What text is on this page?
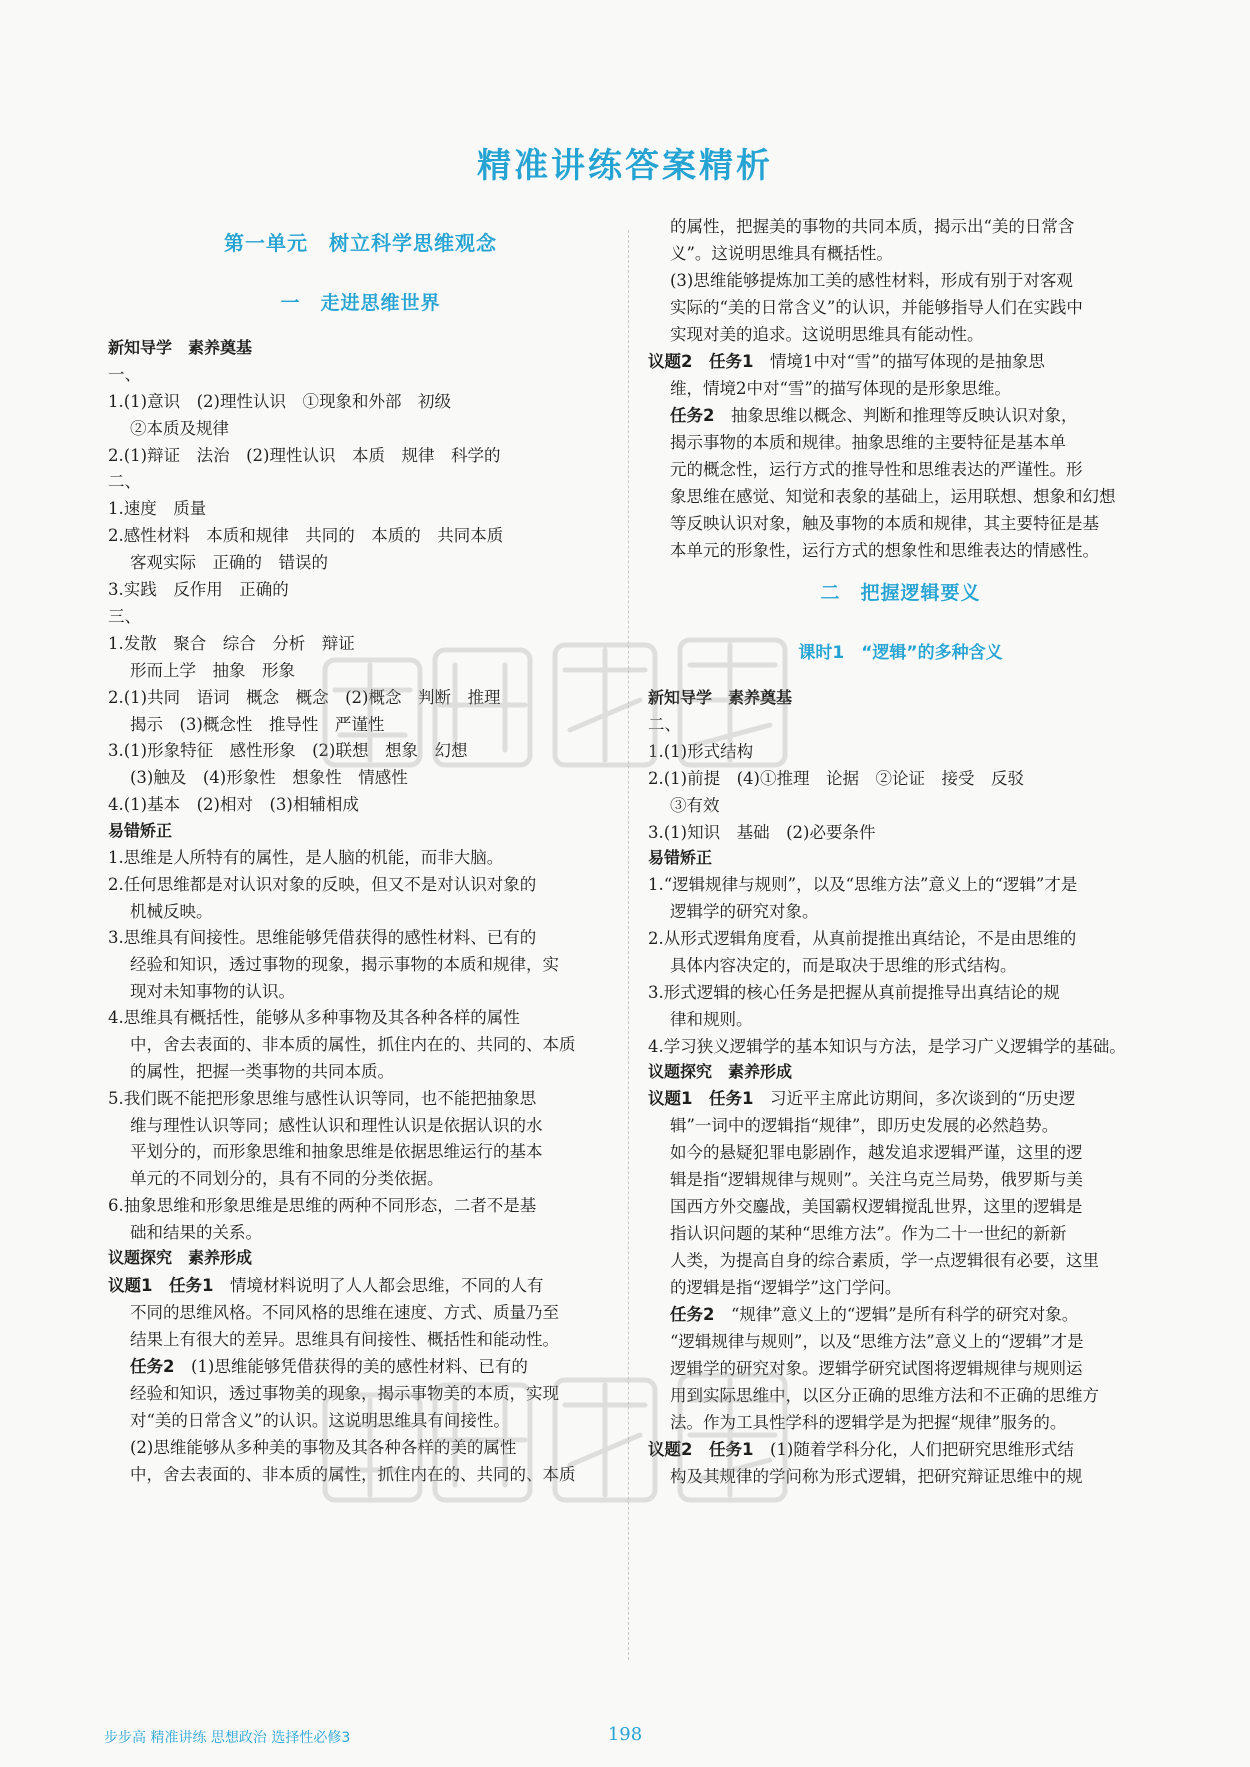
精准讲练答案精析
第一单元　树立科学思维观念
一　走进思维世界
新知导学　素养奠基
一、
1.(1)意识　(2)理性认识　①现象和外部　初级
②本质及规律
2.(1)辩证　法治　(2)理性认识　本质　规律　科学的
二、
1.速度　质量
2.感性材料　本质和规律　共同的　本质的　共同本质
客观实际　正确的　错误的
3.实践　反作用　正确的
三、
1.发散　聚合　综合　分析　辩证
形而上学　抽象　形象
2.(1)共同　语词　概念　概念　(2)概念　判断　推理
揭示　(3)概念性　推导性　严谨性
3.(1)形象特征　感性形象　(2)联想　想象　幻想
(3)触及　(4)形象性　想象性　情感性
4.(1)基本　(2)相对　(3)相辅相成
易错矫正
1.思维是人所特有的属性，是人脑的机能，而非大脑。
2.任何思维都是对认识对象的反映，但又不是对认识对象的
机械反映。
3.思维具有间接性。思维能够凭借获得的感性材料、已有的
经验和知识，透过事物的现象，揭示事物的本质和规律，实
现对未知事物的认识。
4.思维具有概括性，能够从多种事物及其各种各样的属性
中，舍去表面的、非本质的属性，抓住内在的、共同的、本质
的属性，把握一类事物的共同本质。
5.我们既不能把形象思维与感性认识等同，也不能把抽象思
维与理性认识等同；感性认识和理性认识是依据认识的水
平划分的，而形象思维和抽象思维是依据思维运行的基本
单元的不同划分的，具有不同的分类依据。
6.抽象思维和形象思维是思维的两种不同形态，二者不是基
础和结果的关系。
议题探究　素养形成
议题1　任务1　情境材料说明了人人都会思维，不同的人有
不同的思维风格。不同风格的思维在速度、方式、质量乃至
结果上有很大的差异。思维具有间接性、概括性和能动性。
任务2　(1)思维能够凭借获得的美的感性材料、已有的
经验和知识，透过事物美的现象，揭示事物美的本质，实现
对“美的日常含义”的认识。这说明思维具有间接性。
(2)思维能够从多种美的事物及其各种各样的美的属性
中，舍去表面的、非本质的属性，抓住内在的、共同的、本质
的属性，把握美的事物的共同本质，揭示出“美的日常含
义”。这说明思维具有概括性。
(3)思维能够提炼加工美的感性材料，形成有别于对客观
实际的“美的日常含义”的认识，并能够指导人们在实践中
实现对美的追求。这说明思维具有能动性。
议题2　任务1　情境1中对“雪”的描写体现的是抽象思
维，情境2中对“雪”的描写体现的是形象思维。
任务2　抽象思维以概念、判断和推理等反映认识对象，
揭示事物的本质和规律。抽象思维的主要特征是基本单
元的概念性，运行方式的推导性和思维表达的严谨性。形
象思维在感觉、知觉和表象的基础上，运用联想、想象和幻想
等反映认识对象，触及事物的本质和规律，其主要特征是基
本单元的形象性，运行方式的想象性和思维表达的情感性。
二　把握逻辑要义
课时1　“逻辑”的多种含义
新知导学　素养奠基
二、
1.(1)形式结构
2.(1)前提　(4)①推理　论据　②论证　接受　反驳
③有效
3.(1)知识　基础　(2)必要条件
易错矫正
1.“逻辑规律与规则”，以及“思维方法”意义上的“逻辑”才是
逻辑学的研究对象。
2.从形式逻辑角度看，从真前提推出真结论，不是由思维的
具体内容决定的，而是取决于思维的形式结构。
3.形式逻辑的核心任务是把握从真前提推导出真结论的规
律和规则。
4.学习狭义逻辑学的基本知识与方法，是学习广义逻辑学的基础。
议题探究　素养形成
议题1　任务1　习近平主席此访期间，多次谈到的“历史逻
辑”一词中的逻辑指“规律”，即历史发展的必然趋势。
如今的悬疑犯罪电影剧作，越发追求逻辑严谨，这里的逻
辑是指“逻辑规律与规则”。关注乌克兰局势，俄罗斯与美
国西方外交鏖战，美国霸权逻辑搅乱世界，这里的逻辑是
指认识问题的某种“思维方法”。作为二十一世纪的新新
人类，为提高自身的综合素质，学一点逻辑很有必要，这里
的逻辑是指“逻辑学”这门学问。
任务2　“规律”意义上的“逻辑”是所有科学的研究对象。
“逻辑规律与规则”，以及“思维方法”意义上的“逻辑”才是
逻辑学的研究对象。逻辑学研究试图将逻辑规律与规则运
用到实际思维中，以区分正确的思维方法和不正确的思维方
法。作为工具性学科的逻辑学是为把握“规律”服务的。
议题2　任务1　(1)随着学科分化，人们把研究思维形式结
构及其规律的学问称为形式逻辑，把研究辩证思维中的规
步步高 精准讲练 思想政治 选择性必修3	198
